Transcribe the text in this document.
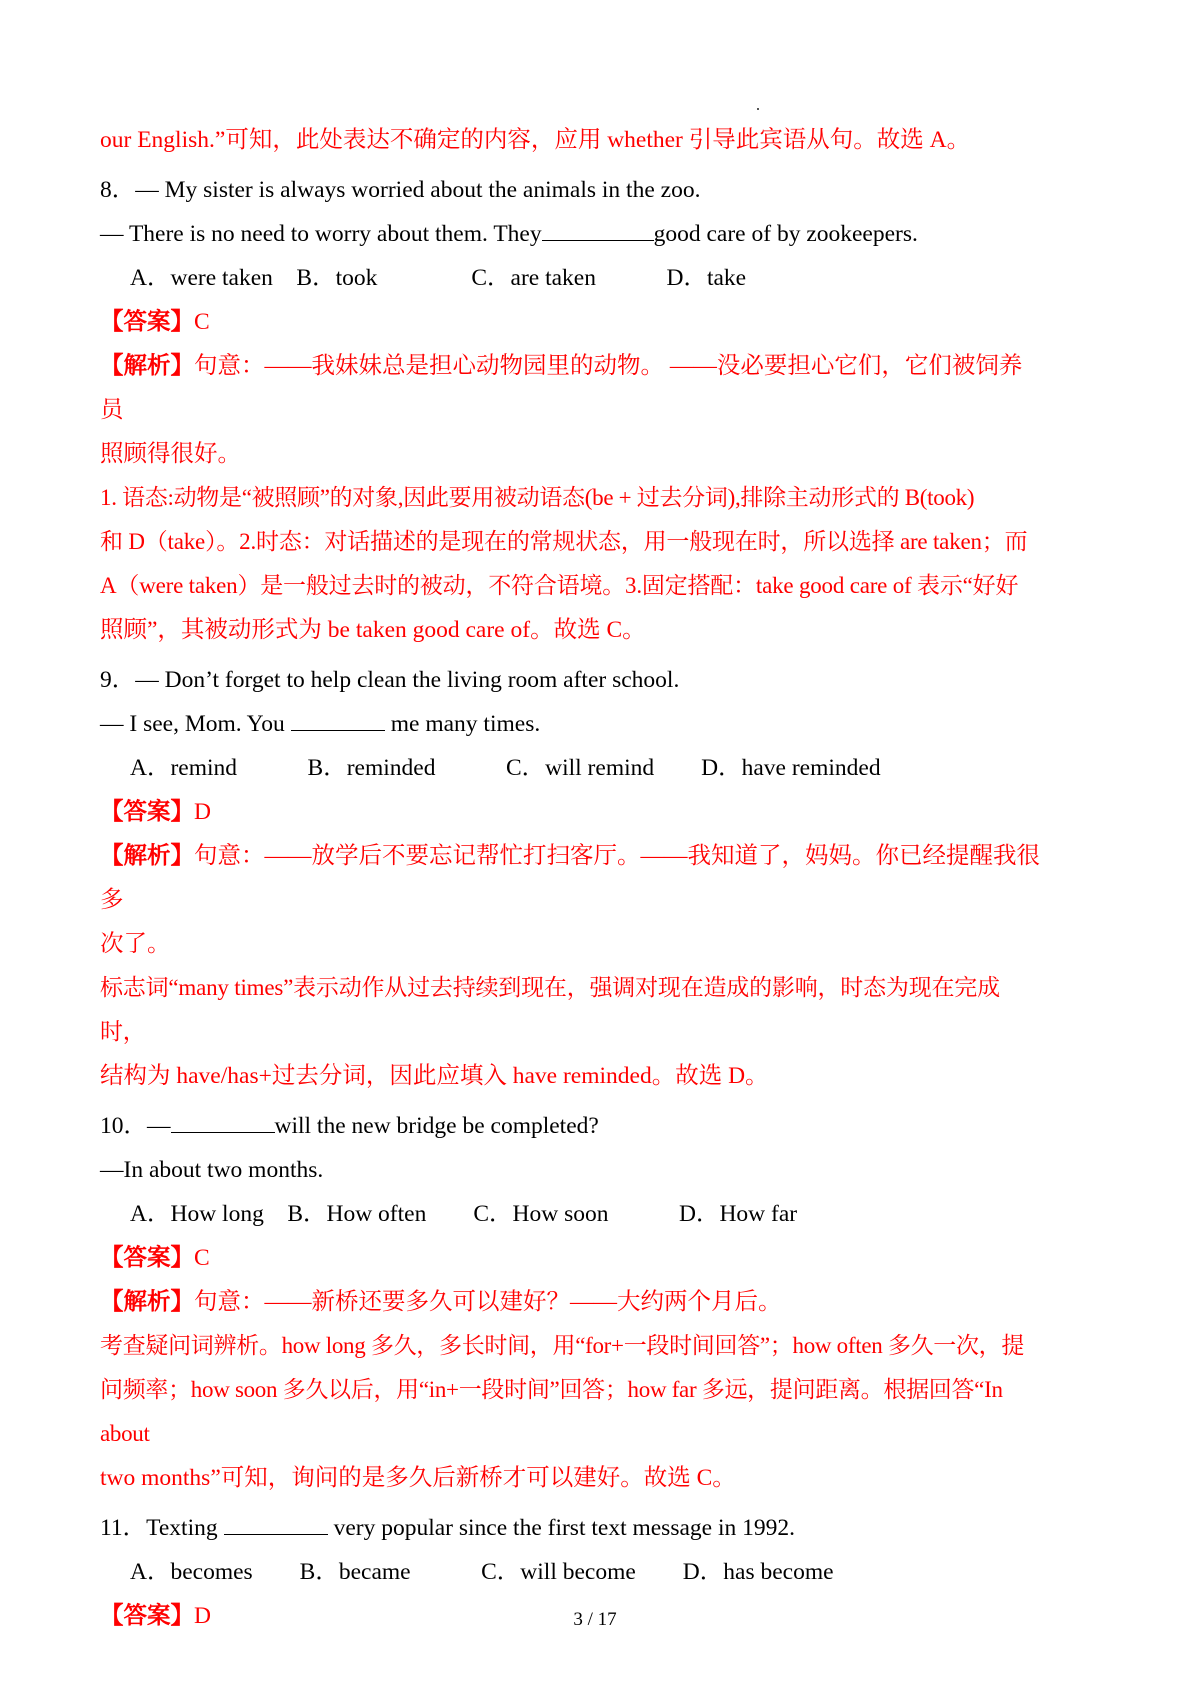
our English.”可知，此处表达不确定的内容，应用 whether 引导此宾语从句。故选 A。
8．— My sister is always worried about the animals in the zoo.
— There is no need to worry about them. They	good care of by zookeepers.
A．were taken　B．took　　　　C．are taken　　　D．take
【答案】C
【解析】句意：——我妹妹总是担心动物园里的动物。 ——没必要担心它们，它们被饲养员
照顾得很好。
1. 语态:动物是“被照顾”的对象,因此要用被动语态(be + 过去分词),排除主动形式的 B(took)
和 D（take）。2.时态：对话描述的是现在的常规状态，用一般现在时，所以选择 are taken；而
A（were taken）是一般过去时的被动，不符合语境。3.固定搭配：take good care of 表示“好好
照顾”，其被动形式为 be taken good care of。故选 C。
9．— Don’t forget to help clean the living room after school.
— I see, Mom. You	me many times.
A．remind　　　B．reminded　　　C．will remind　　D．have reminded
【答案】D
【解析】句意：——放学后不要忘记帮忙打扫客厅。——我知道了，妈妈。你已经提醒我很多
次了。
标志词“many times”表示动作从过去持续到现在，强调对现在造成的影响，时态为现在完成时，
结构为 have/has+过去分词，因此应填入 have reminded。故选 D。
10．—	will the new bridge be completed?
—In about two months.
A．How long　B．How often　　C．How soon　　　D．How far
【答案】C
【解析】句意：——新桥还要多久可以建好？——大约两个月后。
考查疑问词辨析。how long 多久，多长时间，用“for+一段时间回答”；how often 多久一次，提
问频率；how soon 多久以后，用“in+一段时间”回答；how far 多远，提问距离。根据回答“In about
two months”可知，询问的是多久后新桥才可以建好。故选 C。
11．Texting	very popular since the first text message in 1992.
A．becomes　　B．became　　　C．will become　　D．has become
【答案】D	3 / 17
